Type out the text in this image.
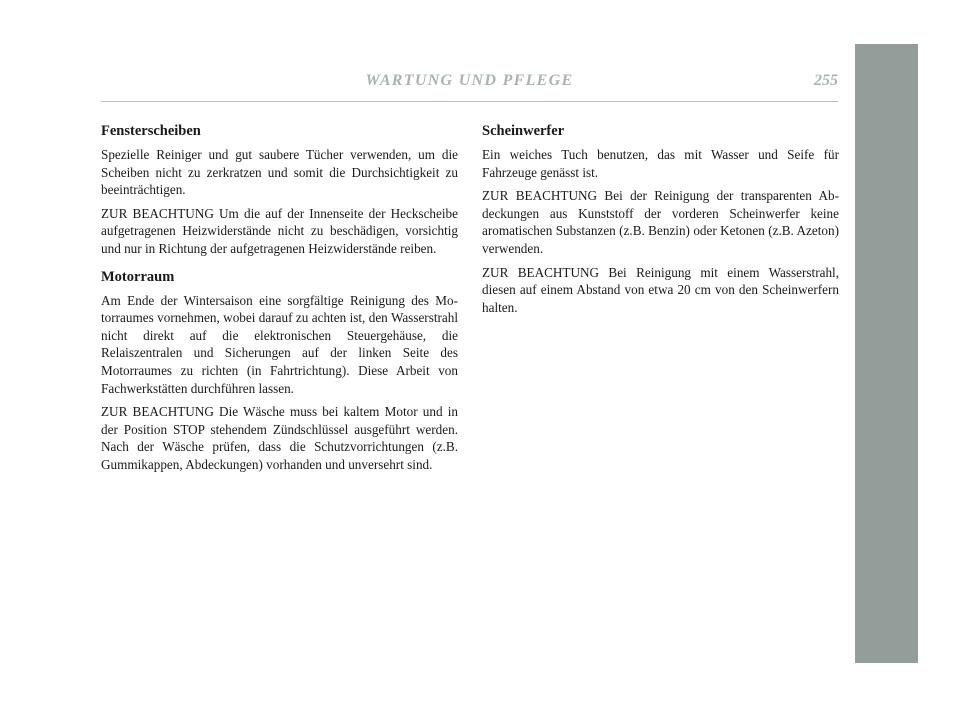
WARTUNG UND PFLEGE	255
Fensterscheiben

Spezielle Reiniger und gut saubere Tücher verwenden, um die Scheiben nicht zu zerkratzen und somit die Durchsichtigkeit zu beeinträchtigen.

ZUR BEACHTUNG Um die auf der Innenseite der Heckscheibe aufgetragenen Heizwiderstände nicht zu beschädigen, vorsichtig und nur in Richtung der aufgetragenen Heizwiderstände reiben.

Motorraum

Am Ende der Wintersaison eine sorgfältige Reinigung des Motorraumes vornehmen, wobei darauf zu achten ist, den Wasserstrahl nicht direkt auf die elektronischen Steuergehäuse, die Relaiszentralen und Sicherungen auf der linken Seite des Motorraumes zu richten (in Fahrtrichtung). Diese Arbeit von Fachwerkstätten durchführen lassen.

ZUR BEACHTUNG Die Wäsche muss bei kaltem Motor und in der Position STOP stehendem Zündschlüssel ausgeführt werden. Nach der Wäsche prüfen, dass die Schutzvorrichtungen (z.B. Gummikappen, Abdeckungen) vorhanden und unversehrt sind.

Scheinwerfer

Ein weiches Tuch benutzen, das mit Wasser und Seife für Fahrzeuge genässt ist.

ZUR BEACHTUNG Bei der Reinigung der transparenten Abdeckungen aus Kunststoff der vorderen Scheinwerfer keine aromatischen Substanzen (z.B. Benzin) oder Ketonen (z.B. Azeton) verwenden.

ZUR BEACHTUNG Bei Reinigung mit einem Wasserstrahl, diesen auf einem Abstand von etwa 20 cm von den Scheinwerfern halten.
